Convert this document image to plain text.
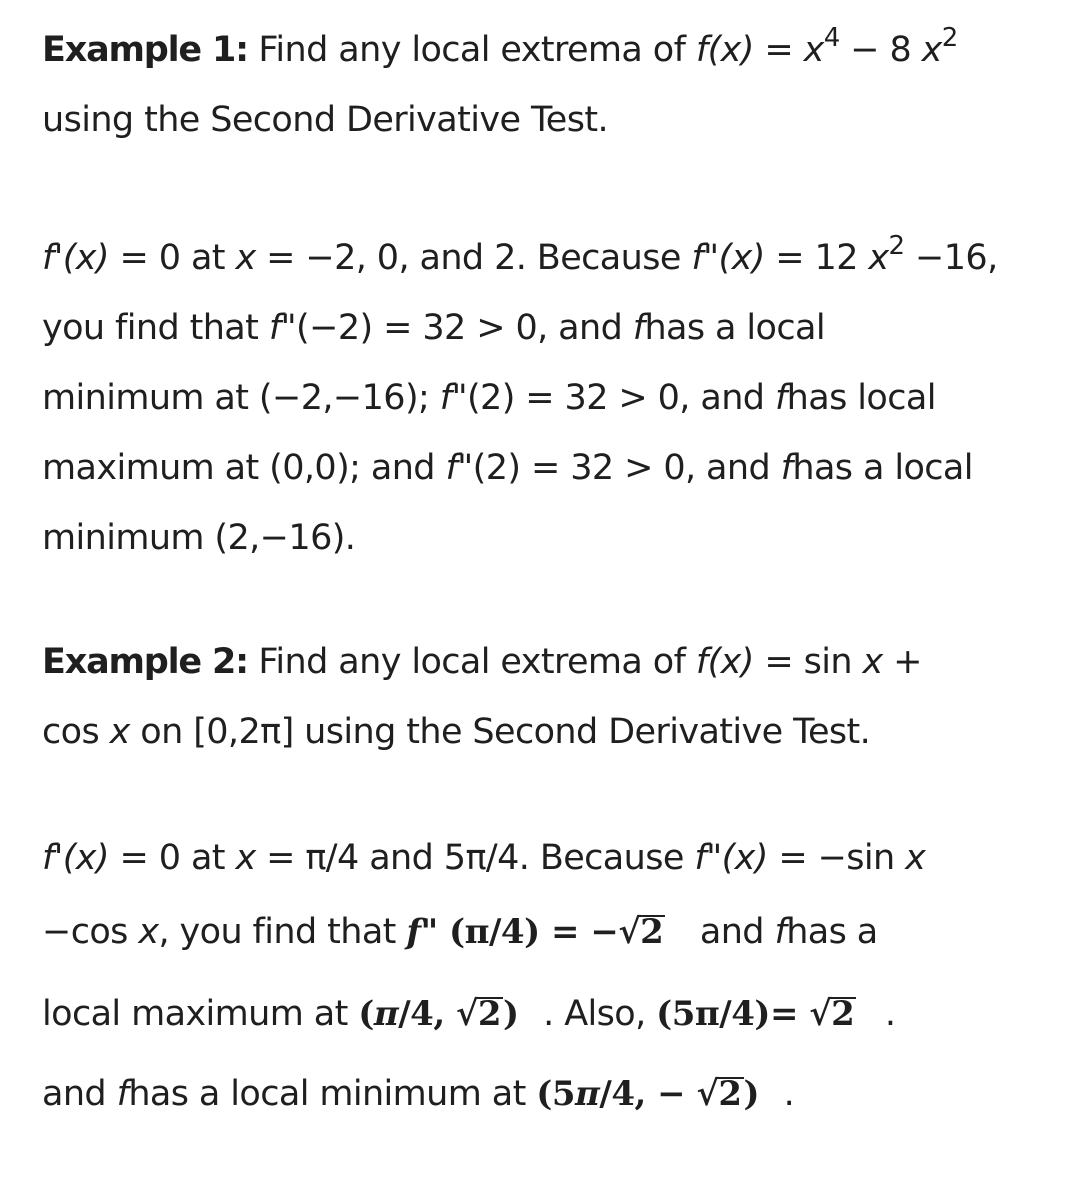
Example 1: Find any local extrema of $f(x) = x^4 - 8$ $x^2$
using the Second Derivative Test.
f'(x) = 0 at x = −2, 0, and 2. Because f"(x) = 12 $x^2 -16$,
you find that f"(−2) = 32 > 0, and fhas a local
minimum at (−2,−16); f"(2) = 32 > 0, and fhas local
maximum at (0,0); and f"(2) = 32 > 0, and fhas a local
minimum (2,−16).
Example 2: Find any local extrema of f(x) = sin x +
cos x on [0,2π] using the Second Derivative Test.
f'(x) = 0 at x = π/4 and 5π/4. Because f"(x) = −sin x
−cos x, you find that f" (π/4) = −√2 and fhas a
local maximum at (π/4, √2) . Also, (5π/4)= √2 .
and fhas a local minimum at (5π/4, − √2) .
